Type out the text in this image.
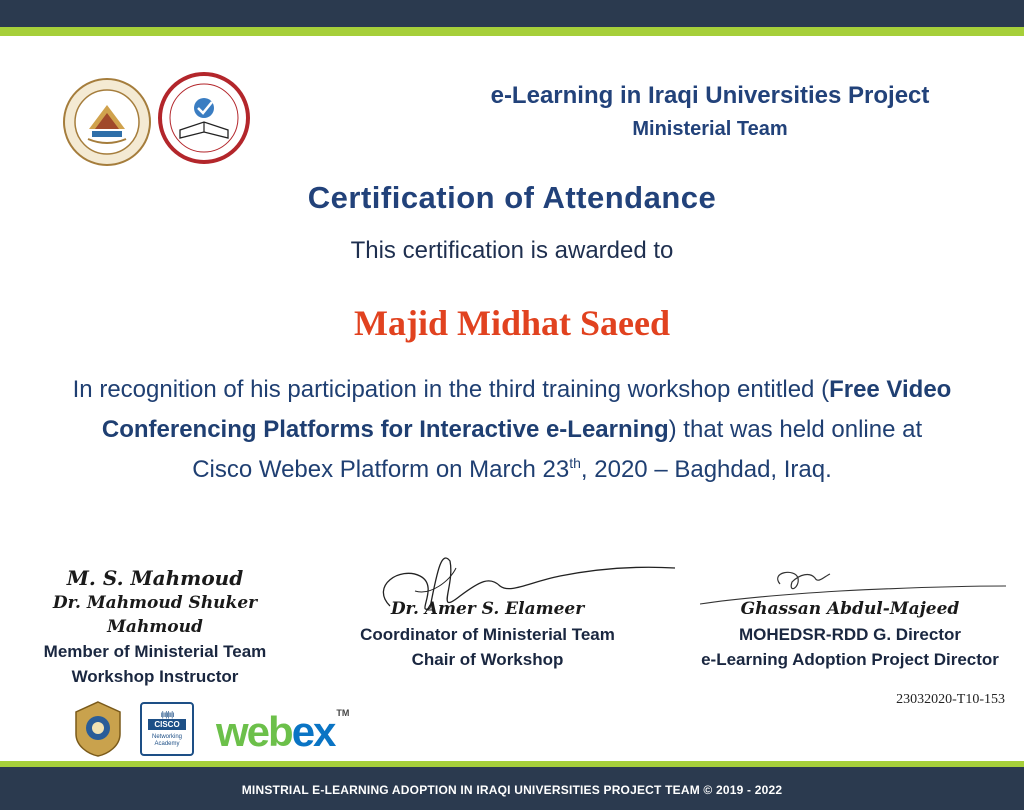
e-Learning in Iraqi Universities Project
Ministerial Team
Certification of Attendance
This certification is awarded to
Majid Midhat Saeed
In recognition of his participation in the third training workshop entitled (Free Video Conferencing Platforms for Interactive e-Learning) that was held online at Cisco Webex Platform on March 23th, 2020 – Baghdad, Iraq.
M. S. Mahmoud
Dr. Mahmoud Shuker Mahmoud
Member of Ministerial Team
Workshop Instructor
Dr. Amer S. Elameer
Coordinator of Ministerial Team
Chair of Workshop
Ghassan Abdul-Majeed
MOHEDSR-RDD G. Director
e-Learning Adoption Project Director
23032020-T10-153
ı|ıı|ı|ıı|ı
CISCO
Networking Academy webex ™
MINSTRIAL E-LEARNING ADOPTION IN IRAQI UNIVERSITIES PROJECT TEAM © 2019 - 2022
